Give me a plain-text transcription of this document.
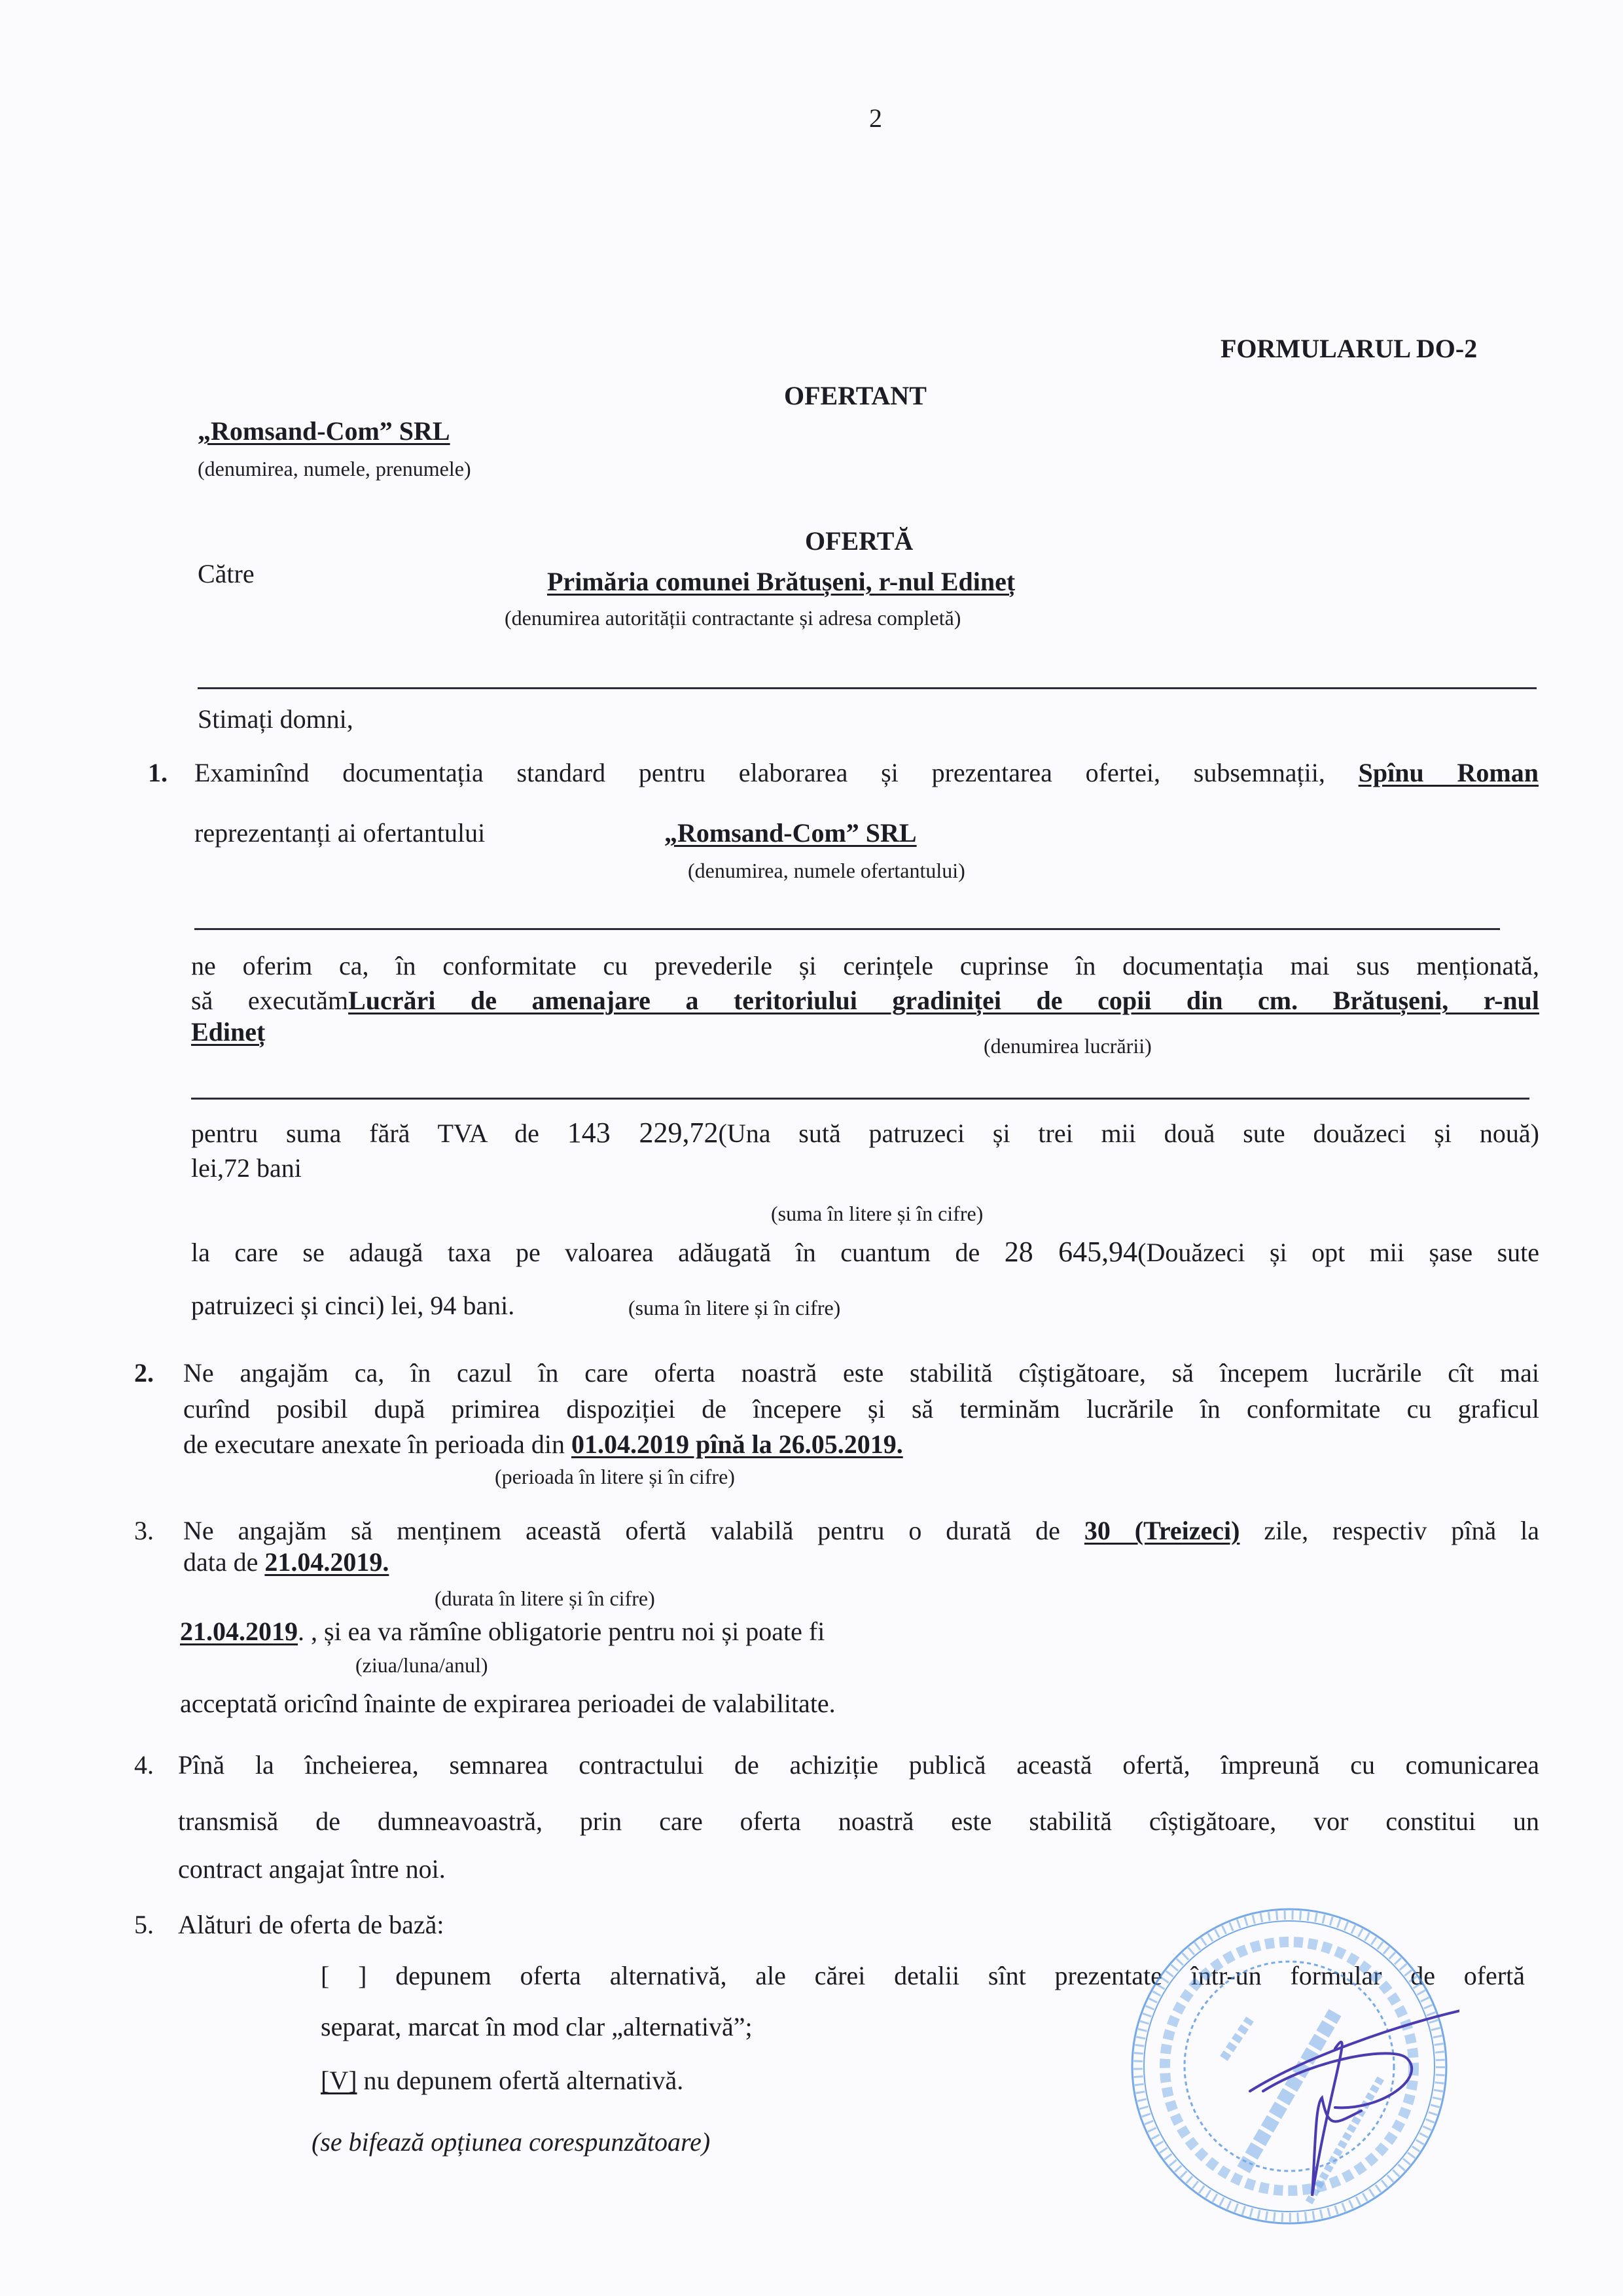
2
FORMULARUL DO-2
OFERTANT
„Romsand-Com” SRL
(denumirea, numele, prenumele)
OFERTĂ
Către	Primăria comunei Brătușeni, r-nul Edineț
(denumirea autorității contractante și adresa completă)
Stimați domni,
1. Examinînd documentația standard pentru elaborarea și prezentarea ofertei, subsemnații, Spînu Roman
reprezentanți ai ofertantului	„Romsand-Com” SRL
(denumirea, numele ofertantului)
ne oferim ca, în conformitate cu prevederile și cerințele cuprinse în documentația mai sus menționată,
să executămLucrări de amenajare a teritoriului gradiniței de copii din cm. Brătușeni, r-nul
Edineț	(denumirea lucrării)
pentru suma fără TVA de 143 229,72(Una sută patruzeci și trei mii două sute douăzeci și nouă)
lei,72 bani
(suma în litere și în cifre)
la care se adaugă taxa pe valoarea adăugată în cuantum de 28 645,94(Douăzeci și opt mii șase sute
patruizeci și cinci) lei, 94 bani.	(suma în litere și în cifre)
2. Ne angajăm ca, în cazul în care oferta noastră este stabilită cîștigătoare, să începem lucrările cît mai
curînd posibil după primirea dispoziției de începere și să terminăm lucrările în conformitate cu graficul
de executare anexate în perioada din 01.04.2019 pînă la 26.05.2019.
(perioada în litere și în cifre)
3. Ne angajăm să menținem această ofertă valabilă pentru o durată de 30 (Treizeci) zile, respectiv pînă la
data de 21.04.2019.
(durata în litere și în cifre)
21.04.2019. , și ea va rămîne obligatorie pentru noi și poate fi
(ziua/luna/anul)
acceptată oricînd înainte de expirarea perioadei de valabilitate.
4. Pînă la încheierea, semnarea contractului de achiziție publică această ofertă, împreună cu comunicarea
transmisă de dumneavoastră, prin care oferta noastră este stabilită cîștigătoare, vor constitui un
contract angajat între noi.
5. Alături de oferta de bază:
[ ] depunem oferta alternativă, ale cărei detalii sînt prezentate într-un formular de ofertă
separat, marcat în mod clar „alternativă”;
[V] nu depunem ofertă alternativă.
(se bifează opțiunea corespunzătoare)
